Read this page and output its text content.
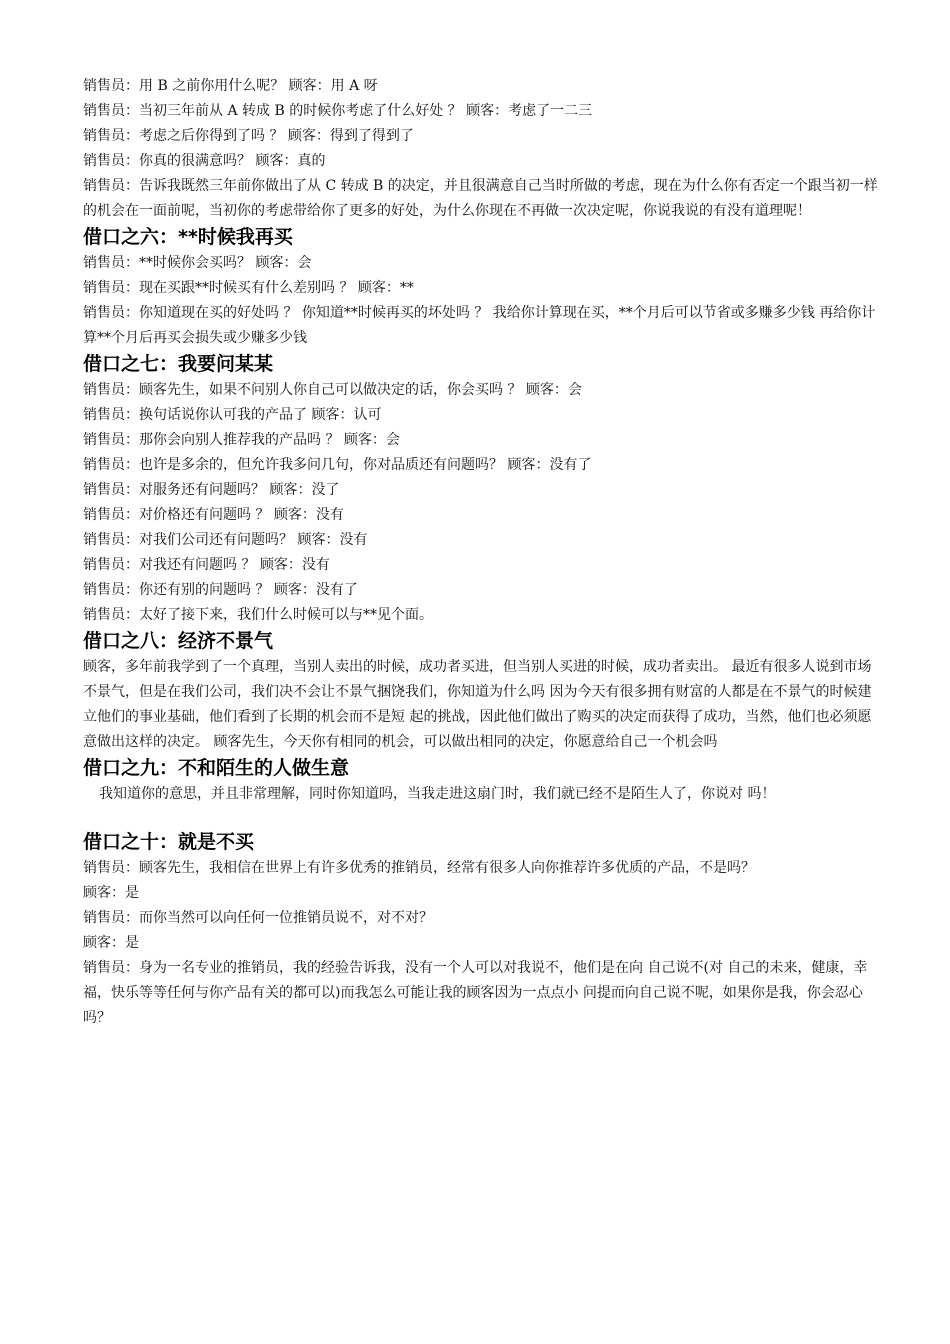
销售员：用 B 之前你用什么呢？ 顾客：用 A 呀
销售员：当初三年前从 A 转成 B 的时候你考虑了什么好处 ？ 顾客：考虑了一二三
销售员：考虑之后你得到了吗 ？ 顾客：得到了得到了
销售员：你真的很满意吗？ 顾客：真的
销售员：告诉我既然三年前你做出了从 C 转成 B 的决定，并且很满意自己当时所做的考虑，现在为什么你有否定一个跟当初一样的机会在一面前呢，当初你的考虑带给你了更多的好处，为什么你现在不再做一次决定呢，你说我说的有没有道理呢！
借口之六：**时候我再买
销售员：**时候你会买吗？ 顾客：会
销售员：现在买跟**时候买有什么差别吗 ？ 顾客：**
销售员：你知道现在买的好处吗 ？ 你知道**时候再买的坏处吗 ？ 我给你计算现在买，**个月后可以节省或多赚多少钱 再给你计算**个月后再买会损失或少赚多少钱
借口之七：我要问某某
销售员：顾客先生，如果不问别人你自己可以做决定的话，你会买吗 ？ 顾客：会
销售员：换句话说你认可我的产品了 顾客：认可
销售员：那你会向别人推荐我的产品吗 ？ 顾客：会
销售员：也许是多余的，但允许我多问几句，你对品质还有问题吗？ 顾客：没有了
销售员：对服务还有问题吗？ 顾客：没了
销售员：对价格还有问题吗 ？ 顾客：没有
销售员：对我们公司还有问题吗？ 顾客：没有
销售员：对我还有问题吗 ？ 顾客：没有
销售员：你还有别的问题吗 ？ 顾客：没有了
销售员：太好了接下来，我们什么时候可以与**见个面。
借口之八：经济不景气
顾客，多年前我学到了一个真理，当别人卖出的时候，成功者买进，但当别人买进的时候，成功者卖出。 最近有很多人说到市场不景气，但是在我们公司，我们决不会让不景气捆饶我们，你知道为什么吗 因为今天有很多拥有财富的人都是在不景气的时候建立他们的事业基础，他们看到了长期的机会而不是短 起的挑战，因此他们做出了购买的决定而获得了成功，当然，他们也必须愿意做出这样的决定。 顾客先生，今天你有相同的机会，可以做出相同的决定，你愿意给自己一个机会吗
借口之九：不和陌生的人做生意
我知道你的意思，并且非常理解，同时你知道吗，当我走进这扇门时，我们就已经不是陌生人了，你说对 吗！
借口之十：就是不买
销售员：顾客先生，我相信在世界上有许多优秀的推销员，经常有很多人向你推荐许多优质的产品，不是吗？
顾客：是
销售员：而你当然可以向任何一位推销员说不，对不对？
顾客：是
销售员：身为一名专业的推销员，我的经验告诉我，没有一个人可以对我说不，他们是在向 自己说不(对 自己的未来，健康，幸福，快乐等等任何与你产品有关的都可以)而我怎么可能让我的顾客因为一点点小 问提而向自己说不呢，如果你是我，你会忍心吗？
